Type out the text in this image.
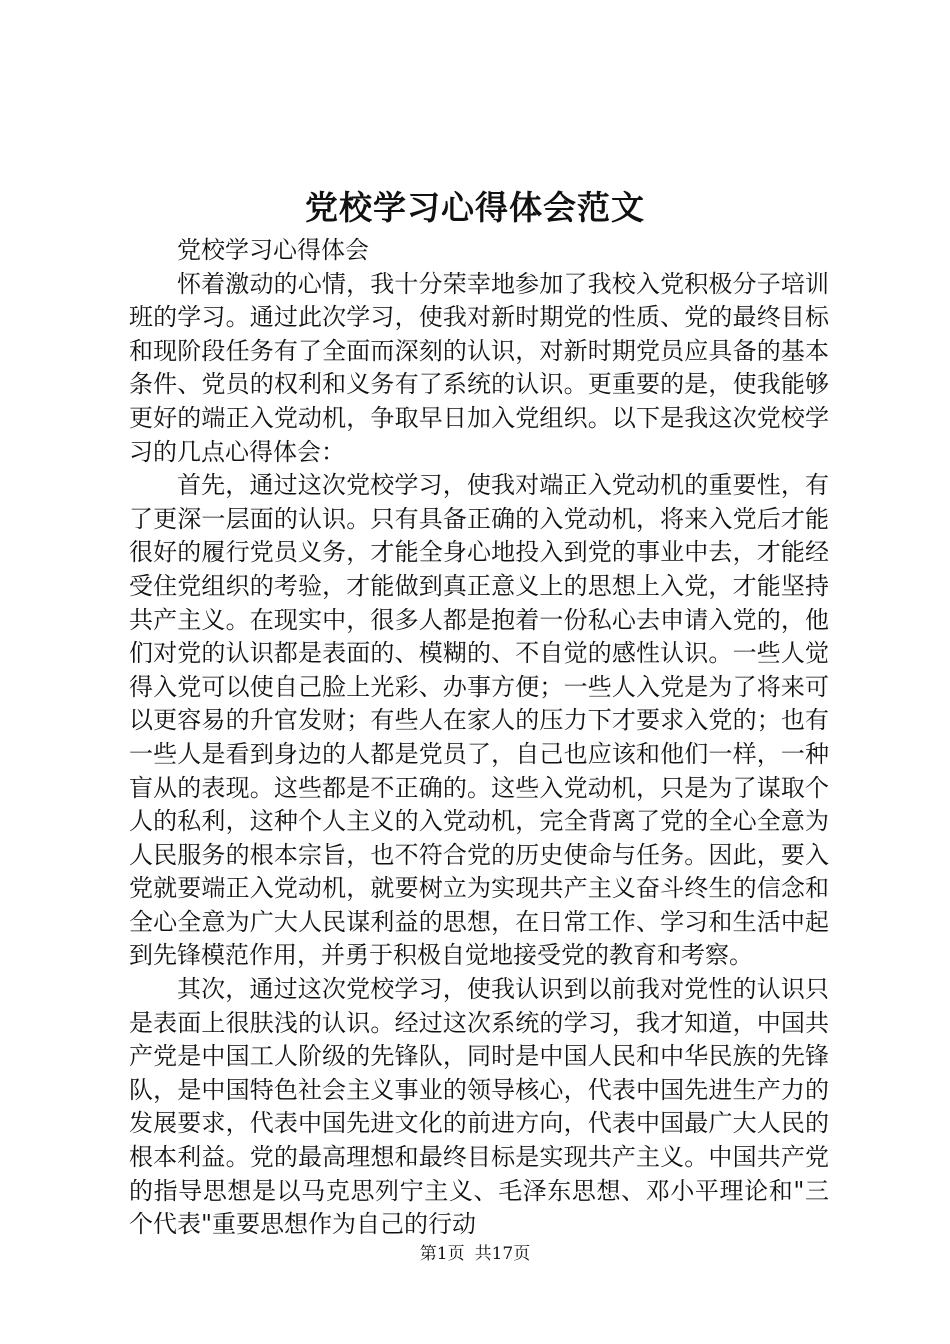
党校学习心得体会范文

党校学习心得体会

怀着激动的心情，我十分荣幸地参加了我校入党积极分子培训班的学习。通过此次学习，使我对新时期党的性质、党的最终目标和现阶段任务有了全面而深刻的认识，对新时期党员应具备的基本条件、党员的权利和义务有了系统的认识。更重要的是，使我能够更好的端正入党动机，争取早日加入党组织。以下是我这次党校学习的几点心得体会：

首先，通过这次党校学习，使我对端正入党动机的重要性，有了更深一层面的认识。只有具备正确的入党动机，将来入党后才能很好的履行党员义务，才能全身心地投入到党的事业中去，才能经受住党组织的考验，才能做到真正意义上的思想上入党，才能坚持共产主义。在现实中，很多人都是抱着一份私心去申请入党的，他们对党的认识都是表面的、模糊的、不自觉的感性认识。一些人觉得入党可以使自己脸上光彩、办事方便；一些人入党是为了将来可以更容易的升官发财；有些人在家人的压力下才要求入党的；也有一些人是看到身边的人都是党员了，自己也应该和他们一样，一种盲从的表现。这些都是不正确的。这些入党动机，只是为了谋取个人的私利，这种个人主义的入党动机，完全背离了党的全心全意为人民服务的根本宗旨，也不符合党的历史使命与任务。因此，要入党就要端正入党动机，就要树立为实现共产主义奋斗终生的信念和全心全意为广大人民谋利益的思想，在日常工作、学习和生活中起到先锋模范作用，并勇于积极自觉地接受党的教育和考察。

其次，通过这次党校学习，使我认识到以前我对党性的认识只是表面上很肤浅的认识。经过这次系统的学习，我才知道，中国共产党是中国工人阶级的先锋队，同时是中国人民和中华民族的先锋队，是中国特色社会主义事业的领导核心，代表中国先进生产力的发展要求，代表中国先进文化的前进方向，代表中国最广大人民的根本利益。党的最高理想和最终目标是实现共产主义。中国共产党的指导思想是以马克思列宁主义、毛泽东思想、邓小平理论和"三个代表"重要思想作为自己的行动

第1页 共17页
